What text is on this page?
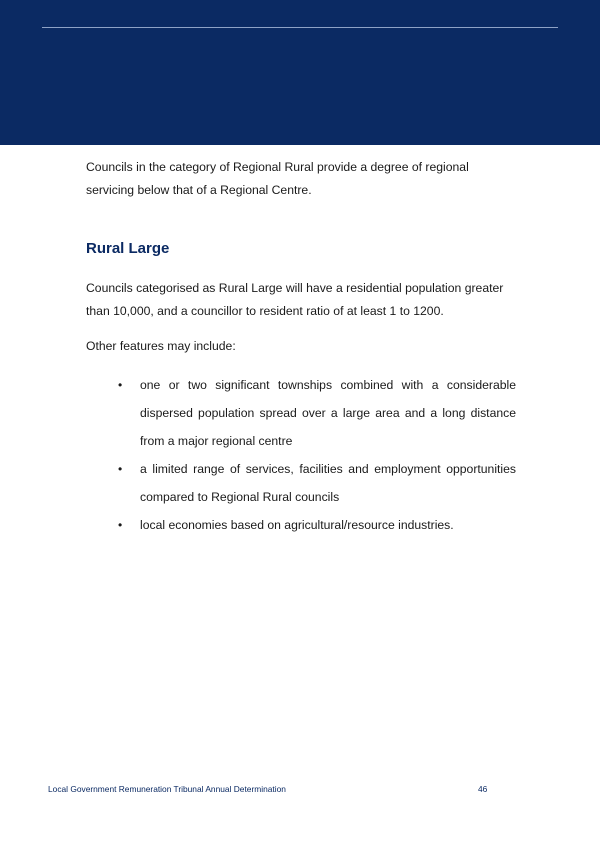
Councils in the category of Regional Rural provide a degree of regional servicing below that of a Regional Centre.

Rural Large

Councils categorised as Rural Large will have a residential population greater than 10,000, and a councillor to resident ratio of at least 1 to 1200.

Other features may include:

•	one or two significant townships combined with a considerable dispersed population spread over a large area and a long distance from a major regional centre
•	a limited range of services, facilities and employment opportunities compared to Regional Rural councils
•	local economies based on agricultural/resource industries.
Local Government Remuneration Tribunal Annual Determination	46
